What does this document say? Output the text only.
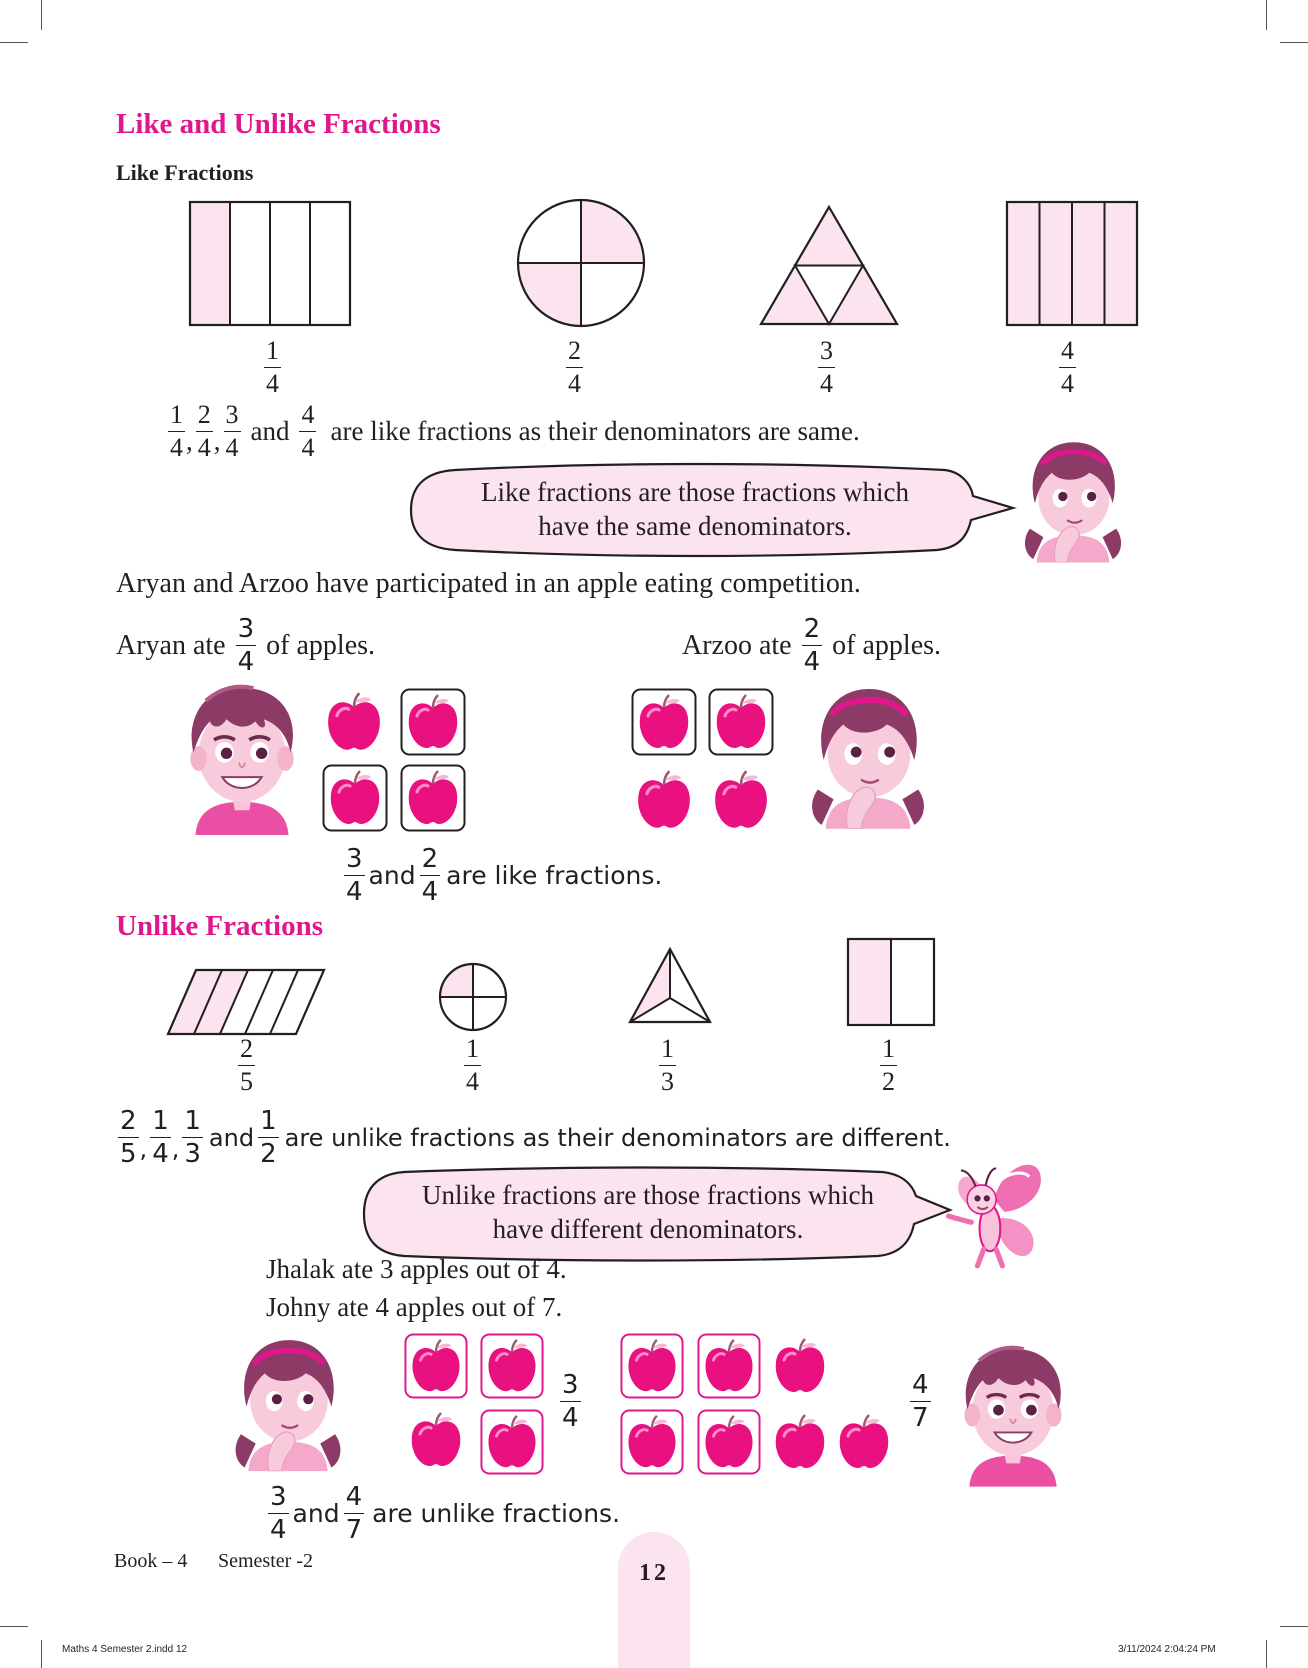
Like and Unlike Fractions
Like Fractions
$\frac{1}{4}$	$\frac{2}{4}$	$\frac{3}{4}$	$\frac{4}{4}$
$\frac{1}{4}$ , $\frac{2}{4}$ , $\frac{3}{4}$ and $\frac{4}{4}$ are like fractions as their denominators are same.
Like fractions are those fractions which
have the same denominators.
Aryan and Arzoo have participated in an apple eating competition.
Aryan ate $\frac{3}{4}$ of apples.	Arzoo ate $\frac{2}{4}$ of apples.
$\frac{3}{4}$ and $\frac{2}{4}$ are like fractions.
Unlike Fractions
$\frac{2}{5}$	$\frac{1}{4}$	$\frac{1}{3}$	$\frac{1}{2}$
$\frac{2}{5}$ , $\frac{1}{4}$ , $\frac{1}{3}$ and $\frac{1}{2}$ are unlike fractions as their denominators are different.
Unlike fractions are those fractions which
have different denominators.
Jhalak ate 3 apples out of 4.
Johny ate 4 apples out of 7.
$\frac{3}{4}$	$\frac{4}{7}$
$\frac{3}{4}$ and $\frac{4}{7}$ are unlike fractions.
12
Book – 4 Semester -2
Maths 4 Semester 2.indd 12	3/11/2024 2:04:24 PM
